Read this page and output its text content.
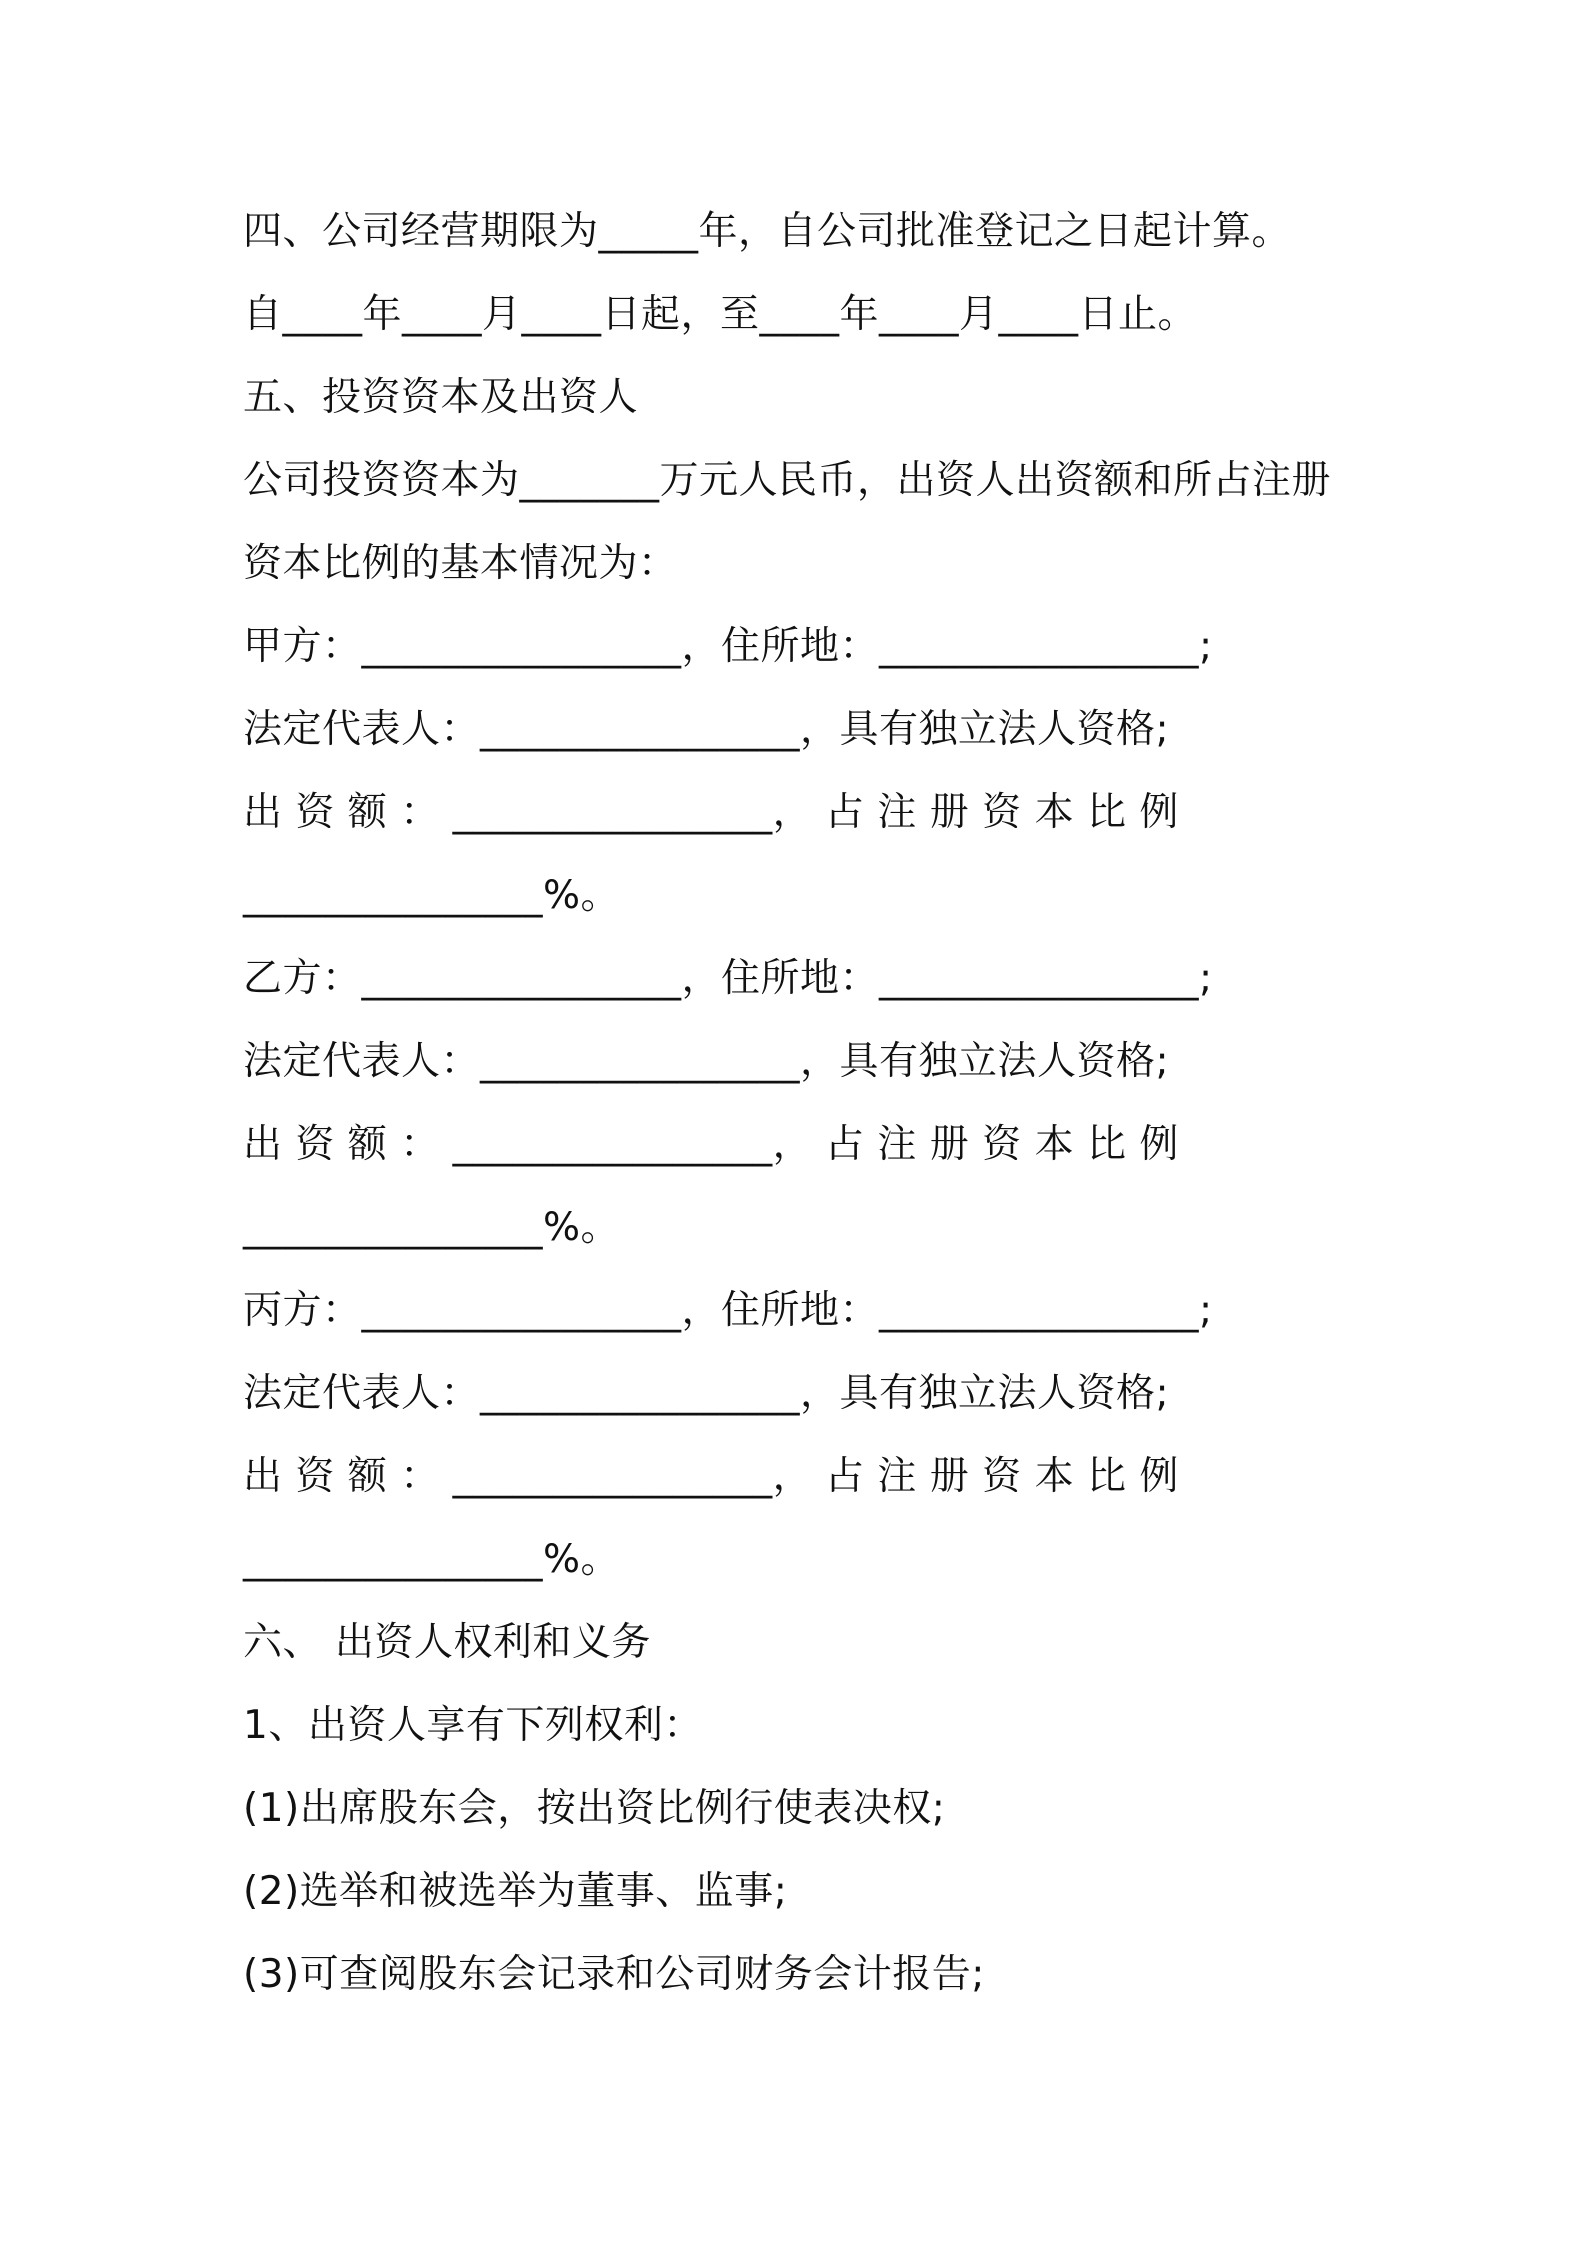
四、公司经营期限为_____年，自公司批准登记之日起计算。
自____年____月____日起，至____年____月____日止。
五、投资资本及出资人
公司投资资本为_______万元人民币，出资人出资额和所占注册
资本比例的基本情况为：
甲方：________________，住所地：________________;
法定代表人：________________，具有独立法人资格;
出 资 额 ： ________________， 占 注 册 资 本 比 例
_______________%。
乙方：________________，住所地：________________;
法定代表人：________________，具有独立法人资格;
出 资 额 ： ________________， 占 注 册 资 本 比 例
_______________%。
丙方：________________，住所地：________________;
法定代表人：________________，具有独立法人资格;
出 资 额 ： ________________， 占 注 册 资 本 比 例
_______________%。
六、 出资人权利和义务
1、出资人享有下列权利：
(1)出席股东会，按出资比例行使表决权;
(2)选举和被选举为董事、监事;
(3)可查阅股东会记录和公司财务会计报告;
